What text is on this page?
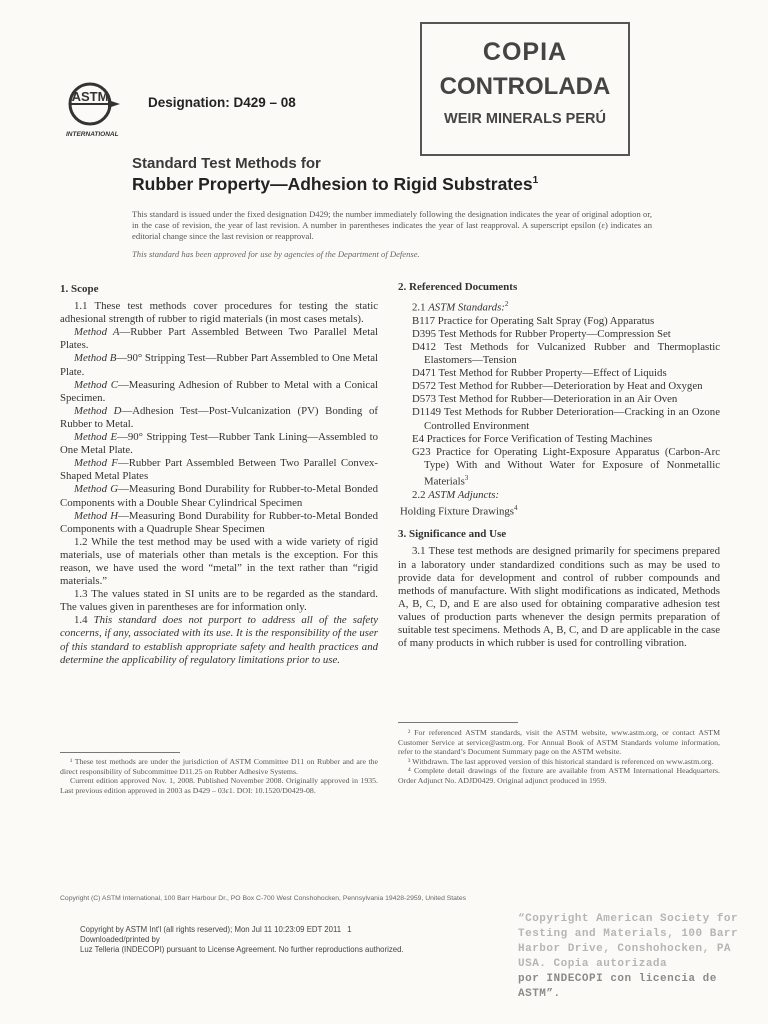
COPIA
CONTROLADA
WEIR MINERALS PERÚ
ASTM
INTERNATIONAL
Designation: D429 – 08
Standard Test Methods for
Rubber Property—Adhesion to Rigid Substrates$^1$
This standard is issued under the fixed designation D429; the number immediately following the designation indicates the year of original adoption or, in the case of revision, the year of last revision. A number in parentheses indicates the year of last reapproval. A superscript epsilon (ε) indicates an editorial change since the last revision or reapproval.
This standard has been approved for use by agencies of the Department of Defense.

1. Scope

1.1 These test methods cover procedures for testing the static adhesional strength of rubber to rigid materials (in most cases metals).

Method A—Rubber Part Assembled Between Two Parallel Metal Plates.

Method B—90° Stripping Test—Rubber Part Assembled to One Metal Plate.

Method C—Measuring Adhesion of Rubber to Metal with a Conical Specimen.

Method D—Adhesion Test—Post-Vulcanization (PV) Bonding of Rubber to Metal.

Method E—90° Stripping Test—Rubber Tank Lining—Assembled to One Metal Plate.

Method F—Rubber Part Assembled Between Two Parallel Convex-Shaped Metal Plates

Method G—Measuring Bond Durability for Rubber-to-Metal Bonded Components with a Double Shear Cylindrical Specimen

Method H—Measuring Bond Durability for Rubber-to-Metal Bonded Components with a Quadruple Shear Specimen

1.2 While the test method may be used with a wide variety of rigid materials, use of materials other than metals is the exception. For this reason, we have used the word “metal” in the text rather than “rigid materials.”

1.3 The values stated in SI units are to be regarded as the standard. The values given in parentheses are for information only.

1.4 This standard does not purport to address all of the safety concerns, if any, associated with its use. It is the responsibility of the user of this standard to establish appropriate safety and health practices and determine the applicability of regulatory limitations prior to use.

¹ These test methods are under the jurisdiction of ASTM Committee D11 on Rubber and are the direct responsibility of Subcommittee D11.25 on Rubber Adhesive Systems.

Current edition approved Nov. 1, 2008. Published November 2008. Originally approved in 1935. Last previous edition approved in 2003 as D429 – 03ε1. DOI: 10.1520/D0429-08.

2. Referenced Documents

2.1 ASTM Standards:$^2$

B117 Practice for Operating Salt Spray (Fog) Apparatus

D395 Test Methods for Rubber Property—Compression Set

D412 Test Methods for Vulcanized Rubber and Thermoplastic Elastomers—Tension

D471 Test Method for Rubber Property—Effect of Liquids

D572 Test Method for Rubber—Deterioration by Heat and Oxygen

D573 Test Method for Rubber—Deterioration in an Air Oven

D1149 Test Methods for Rubber Deterioration—Cracking in an Ozone Controlled Environment

E4 Practices for Force Verification of Testing Machines

G23 Practice for Operating Light-Exposure Apparatus (Carbon-Arc Type) With and Without Water for Exposure of Nonmetallic Materials$^3$

2.2 ASTM Adjuncts:

Holding Fixture Drawings$^4$

3. Significance and Use

3.1 These test methods are designed primarily for specimens prepared in a laboratory under standardized conditions such as may be used to provide data for development and control of rubber compounds and methods of manufacture. With slight modifications as indicated, Methods A, B, C, D, and E are also used for obtaining comparative adhesion test values of production parts whenever the design permits preparation of suitable test specimens. Methods A, B, C, and D are applicable in the case of many products in which rubber is used for controlling vibration.

² For referenced ASTM standards, visit the ASTM website, www.astm.org, or contact ASTM Customer Service at service@astm.org. For Annual Book of ASTM Standards volume information, refer to the standard’s Document Summary page on the ASTM website.

³ Withdrawn. The last approved version of this historical standard is referenced on www.astm.org.

⁴ Complete detail drawings of the fixture are available from ASTM International Headquarters. Order Adjunct No. ADJD0429. Original adjunct produced in 1959.

Copyright (C) ASTM International, 100 Barr Harbour Dr., PO Box C-700 West Conshohocken, Pennsylvania 19428-2959, United States
Copyright by ASTM Int'l (all rights reserved); Mon Jul 11 10:23:09 EDT 2011 1
Downloaded/printed by
Luz Telleria (INDECOPI) pursuant to License Agreement. No further reproductions authorized.
“Copyright American Society for
Testing and Materials, 100 Barr
Harbor Drive, Conshohocken, PA
USA. Copia autorizada
por INDECOPI con licencia de ASTM”.
